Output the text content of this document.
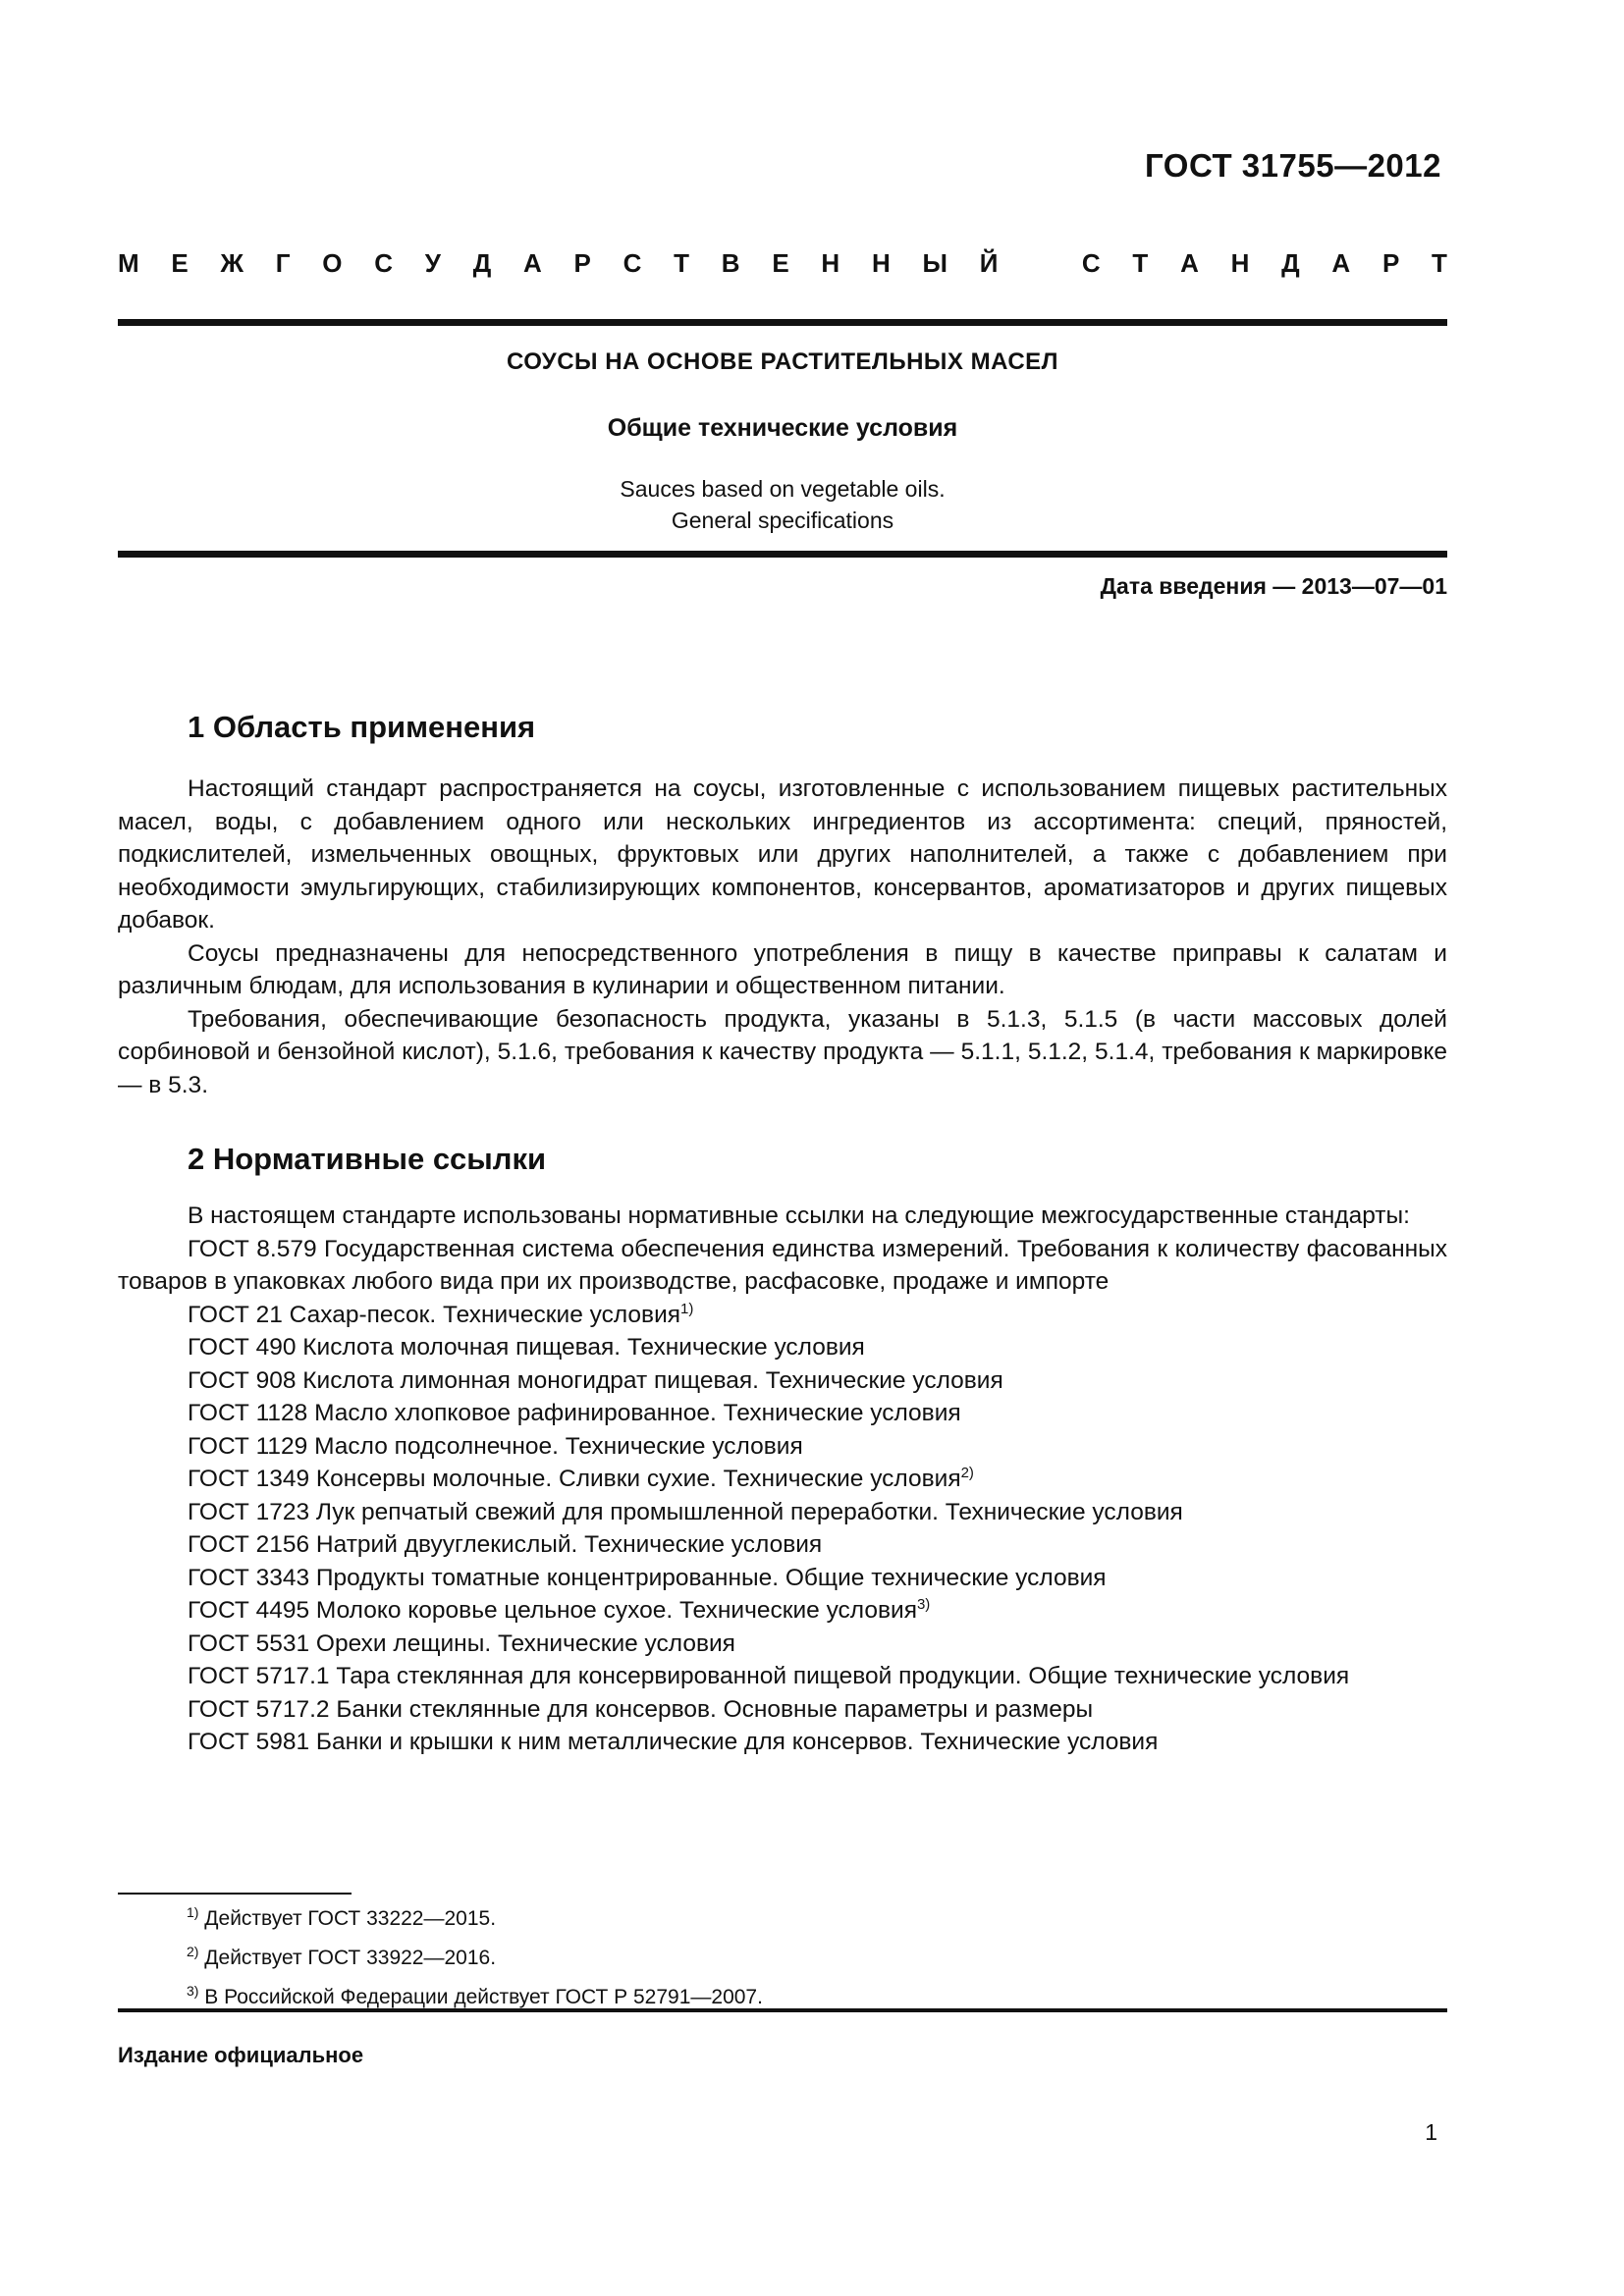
ГОСТ 31755—2012
М Е Ж Г О С У Д А Р С Т В Е Н Н Ы Й	С Т А Н Д А Р Т
СОУСЫ НА ОСНОВЕ РАСТИТЕЛЬНЫХ МАСЕЛ
Общие технические условия
Sauces based on vegetable oils.
General specifications
Дата введения — 2013—07—01
1 Область применения

Настоящий стандарт распространяется на соусы, изготовленные с использованием пищевых растительных масел, воды, с добавлением одного или нескольких ингредиентов из ассортимента: специй, пряностей, подкислителей, измельченных овощных, фруктовых или других наполнителей, а также с добавлением при необходимости эмульгирующих, стабилизирующих компонентов, консервантов, ароматизаторов и других пищевых добавок.

Соусы предназначены для непосредственного употребления в пищу в качестве приправы к салатам и различным блюдам, для использования в кулинарии и общественном питании.

Требования, обеспечивающие безопасность продукта, указаны в 5.1.3, 5.1.5 (в части массовых долей сорбиновой и бензойной кислот), 5.1.6, требования к качеству продукта — 5.1.1, 5.1.2, 5.1.4, требования к маркировке — в 5.3.

2 Нормативные ссылки

В настоящем стандарте использованы нормативные ссылки на следующие межгосударственные стандарты:

ГОСТ 8.579 Государственная система обеспечения единства измерений. Требования к количеству фасованных товаров в упаковках любого вида при их производстве, расфасовке, продаже и импорте

ГОСТ 21 Сахар-песок. Технические условия$^{1)}$

ГОСТ 490 Кислота молочная пищевая. Технические условия

ГОСТ 908 Кислота лимонная моногидрат пищевая. Технические условия

ГОСТ 1128 Масло хлопковое рафинированное. Технические условия

ГОСТ 1129 Масло подсолнечное. Технические условия

ГОСТ 1349 Консервы молочные. Сливки сухие. Технические условия$^{2)}$

ГОСТ 1723 Лук репчатый свежий для промышленной переработки. Технические условия

ГОСТ 2156 Натрий двууглекислый. Технические условия

ГОСТ 3343 Продукты томатные концентрированные. Общие технические условия

ГОСТ 4495 Молоко коровье цельное сухое. Технические условия$^{3)}$

ГОСТ 5531 Орехи лещины. Технические условия

ГОСТ 5717.1 Тара стеклянная для консервированной пищевой продукции. Общие технические условия

ГОСТ 5717.2 Банки стеклянные для консервов. Основные параметры и размеры

ГОСТ 5981 Банки и крышки к ним металлические для консервов. Технические условия

$^{1)}$ Действует ГОСТ 33222—2015.
$^{2)}$ Действует ГОСТ 33922—2016.
$^{3)}$ В Российской Федерации действует ГОСТ Р 52791—2007.
Издание официальное
1
